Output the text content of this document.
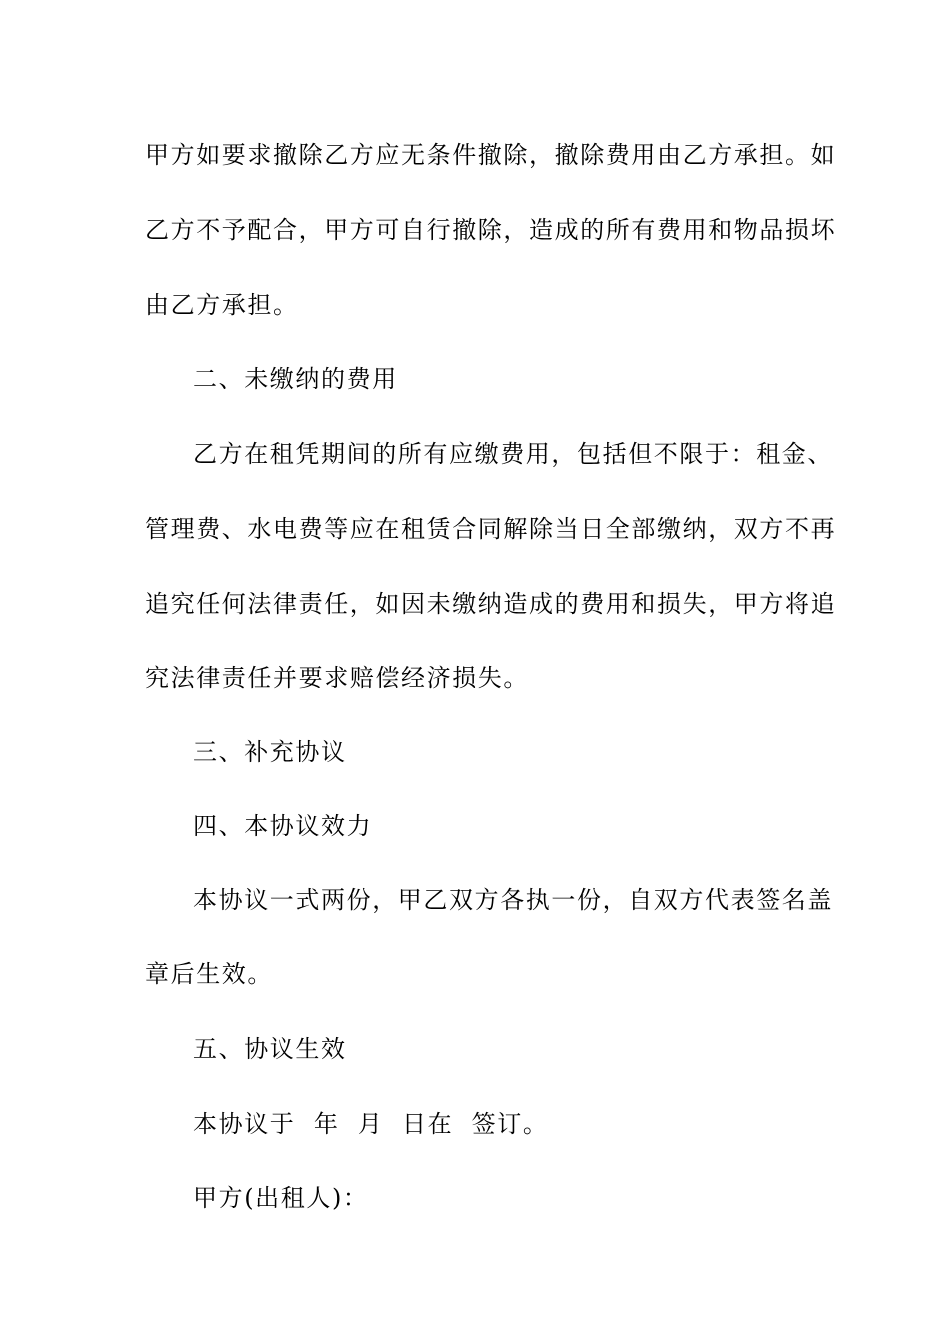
甲方如要求撤除乙方应无条件撤除，撤除费用由乙方承担。如
乙方不予配合，甲方可自行撤除，造成的所有费用和物品损坏
由乙方承担。
二、未缴纳的费用
乙方在租凭期间的所有应缴费用，包括但不限于：租金、
管理费、水电费等应在租赁合同解除当日全部缴纳，双方不再
追究任何法律责任，如因未缴纳造成的费用和损失，甲方将追
究法律责任并要求赔偿经济损失。
三、补充协议
四、本协议效力
本协议一式两份，甲乙双方各执一份，自双方代表签名盖
章后生效。
五、协议生效
本协议于  年  月  日在  签订。
甲方(出租人)：
